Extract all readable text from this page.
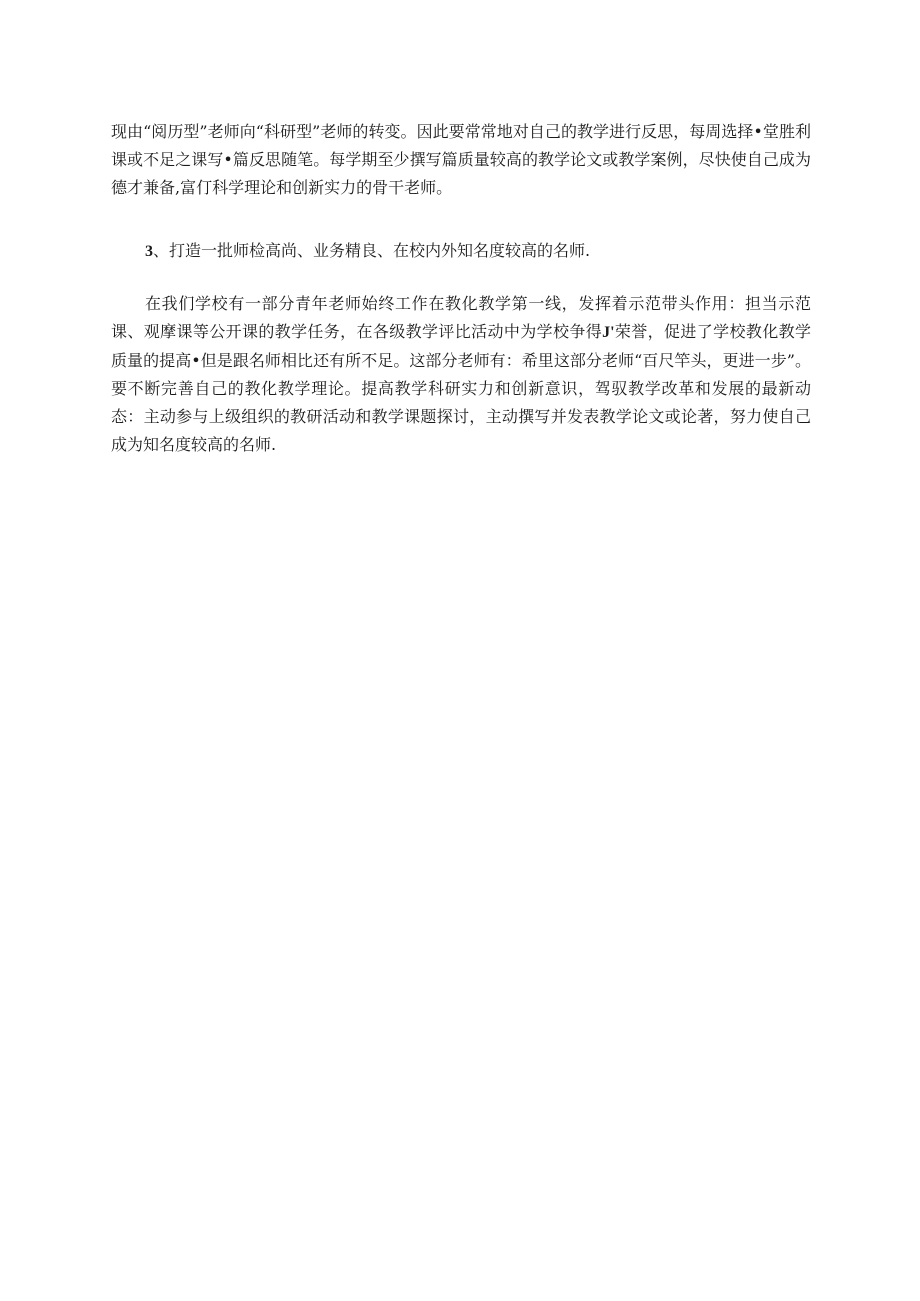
现由“阅历型”老师向“科研型”老师的转变。因此要常常地对自己的教学进行反思，每周选择•堂胜利课或不足之课写•篇反思随笔。每学期至少撰写篇质量较高的教学论文或教学案例，尽快使自己成为德才兼备,富仃科学理论和创新实力的骨干老师。

3、打造一批师检高尚、业务精良、在校内外知名度较高的名师.

在我们学校有一部分青年老师始终工作在教化教学第一线，发挥着示范带头作用：担当示范课、观摩课等公开课的教学任务，在各级教学评比活动中为学校争得J'荣誉，促进了学校教化教学质量的提高•但是跟名师相比还有所不足。这部分老师有：希里这部分老师“百尺竿头，更进一步”。要不断完善自己的教化教学理论。提高教学科研实力和创新意识，驾驭教学改革和发展的最新动态：主动参与上级组织的教研活动和教学课题探讨，主动撰写并发表教学论文或论著，努力使自己成为知名度较高的名师.
